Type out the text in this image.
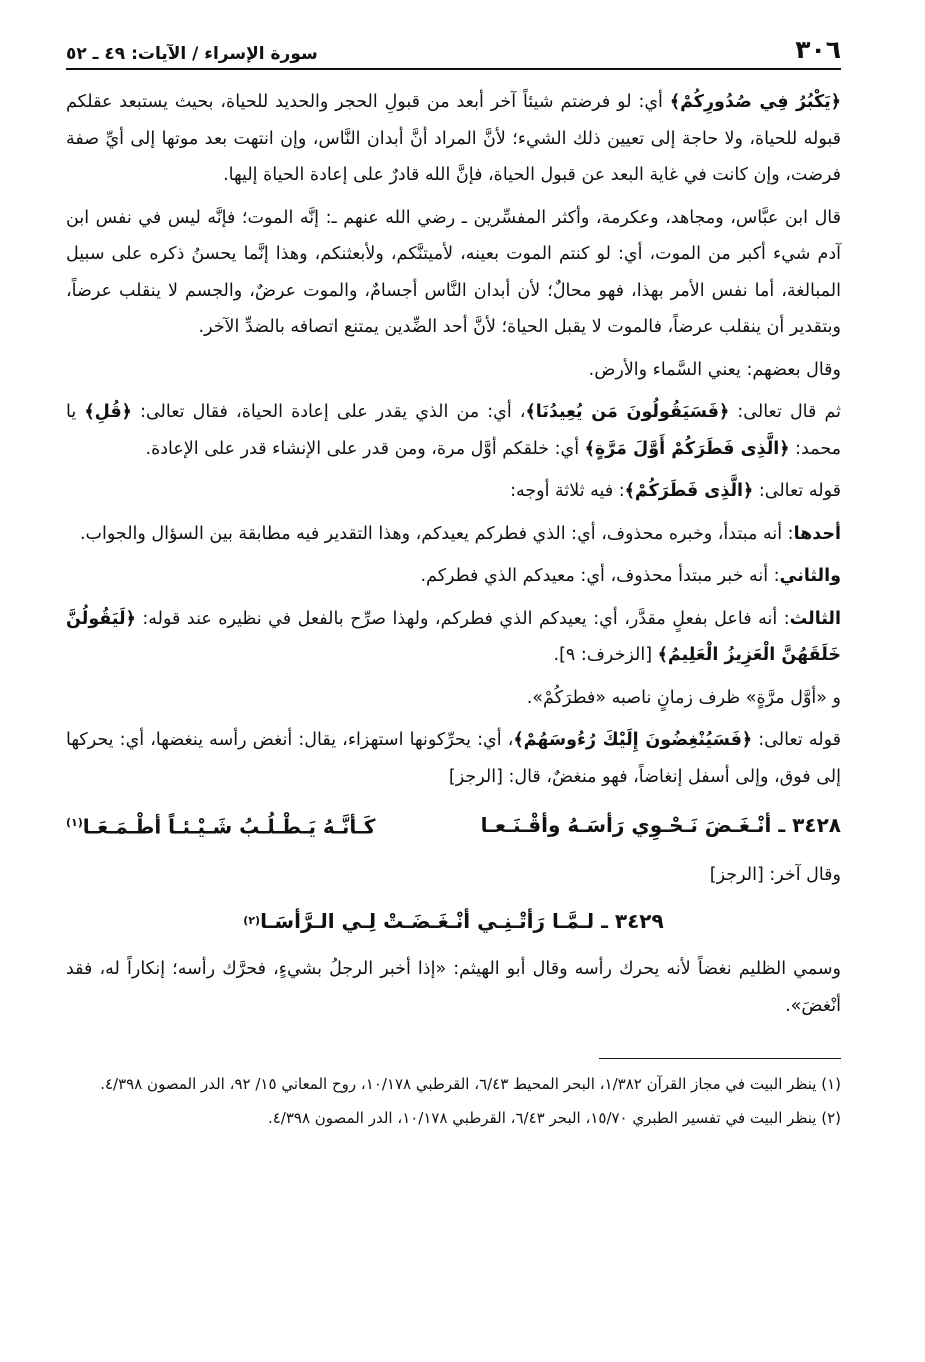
٣٠٦
سورة الإسراء / الآيات: ٤٩ ـ ٥٢

﴿يَكْبُرُ فِي صُدُورِكُمْ﴾ أي: لو فرضتم شيئاً آخر أبعد من قبولِ الحجر والحديد للحياة، بحيث يستبعد عقلكم قبوله للحياة، ولا حاجة إلى تعيين ذلك الشيء؛ لأنَّ المراد أنَّ أبدان النَّاس، وإن انتهت بعد موتها إلى أيِّ صفة فرضت، وإن كانت في غاية البعد عن قبول الحياة، فإنَّ الله قادرٌ على إعادة الحياة إليها.

قال ابن عبَّاس، ومجاهد، وعكرمة، وأكثر المفسِّرين ـ رضي الله عنهم ـ: إنَّه الموت؛ فإنَّه ليس في نفس ابن آدم شيء أكبر من الموت، أي: لو كنتم الموت بعينه، لأميتنَّكم، ولأبعثنكم، وهذا إنَّما يحسنُ ذكره على سبيل المبالغة، أما نفس الأمر بهذا، فهو محالٌ؛ لأن أبدان النَّاس أجسامٌ، والموت عرضٌ، والجسم لا ينقلب عرضاً، وبتقدير أن ينقلب عرضاً، فالموت لا يقبل الحياة؛ لأنَّ أحد الضِّدين يمتنع اتصافه بالضدِّ الآخر.

وقال بعضهم: يعني السَّماء والأرض.

ثم قال تعالى: ﴿فَسَيَقُولُونَ مَن يُعِيدُنَا﴾، أي: من الذي يقدر على إعادة الحياة، فقال تعالى: ﴿قُلِ﴾ يا محمد: ﴿الَّذِى فَطَرَكُمْ أَوَّلَ مَرَّةٍ﴾ أي: خلقكم أوَّل مرة، ومن قدر على الإنشاء قدر على الإعادة.

قوله تعالى: ﴿الَّذِى فَطَرَكُمْ﴾: فيه ثلاثة أوجه:

أحدها: أنه مبتدأ، وخبره محذوف، أي: الذي فطركم يعيدكم، وهذا التقدير فيه مطابقة بين السؤال والجواب.

والثاني: أنه خبر مبتدأ محذوف، أي: معيدكم الذي فطركم.

الثالث: أنه فاعل بفعلٍ مقدَّر، أي: يعيدكم الذي فطركم، ولهذا صرِّح بالفعل في نظيره عند قوله: ﴿لَيَقُولُنَّ خَلَقَهُنَّ الْعَزِيزُ الْعَلِيمُ﴾ [الزخرف: ٩].

و «أوَّل مرَّةٍ» ظرف زمانٍ ناصبه «فطرَكُمْ».

قوله تعالى: ﴿فَسَيُنْغِضُونَ إِلَيْكَ رُءُوسَهُمْ﴾، أي: يحرِّكونها استهزاء، يقال: أنغض رأسه ينغضها، أي: يحركها إلى فوق، وإلى أسفل إنغاضاً، فهو منغضٌ، قال: [الرجز]

٣٤٢٨ ـ أنْـغَـضَ نَـحْـوِي رَأسَـهُ وأقْـنَـعـا
كَـأنَّـهُ يَـطْـلُـبُ شَـيْـئـاً أطْـمَـعَـا$^{(١)}$

وقال آخر: [الرجز]

٣٤٢٩ ـ لـمَّـا رَأتْـنِـي أنْـغَـضَـتْ لِـي الـرَّأسَـا
(٢)

وسمي الظليم نغضاً لأنه يحرك رأسه وقال أبو الهيثم: «إذا أخبر الرجلُ بشيءٍ، فحرَّك رأسه؛ إنكاراً له، فقد أنْغضَ».

(١) ينظر البيت في مجاز القرآن ١/٣٨٢، البحر المحيط ٦/٤٣، القرطبي ١٠/١٧٨، روح المعاني ١٥/ ٩٢، الدر المصون ٤/٣٩٨.

(٢) ينظر البيت في تفسير الطبري ١٥/٧٠، البحر ٦/٤٣، القرطبي ١٠/١٧٨، الدر المصون ٤/٣٩٨.
